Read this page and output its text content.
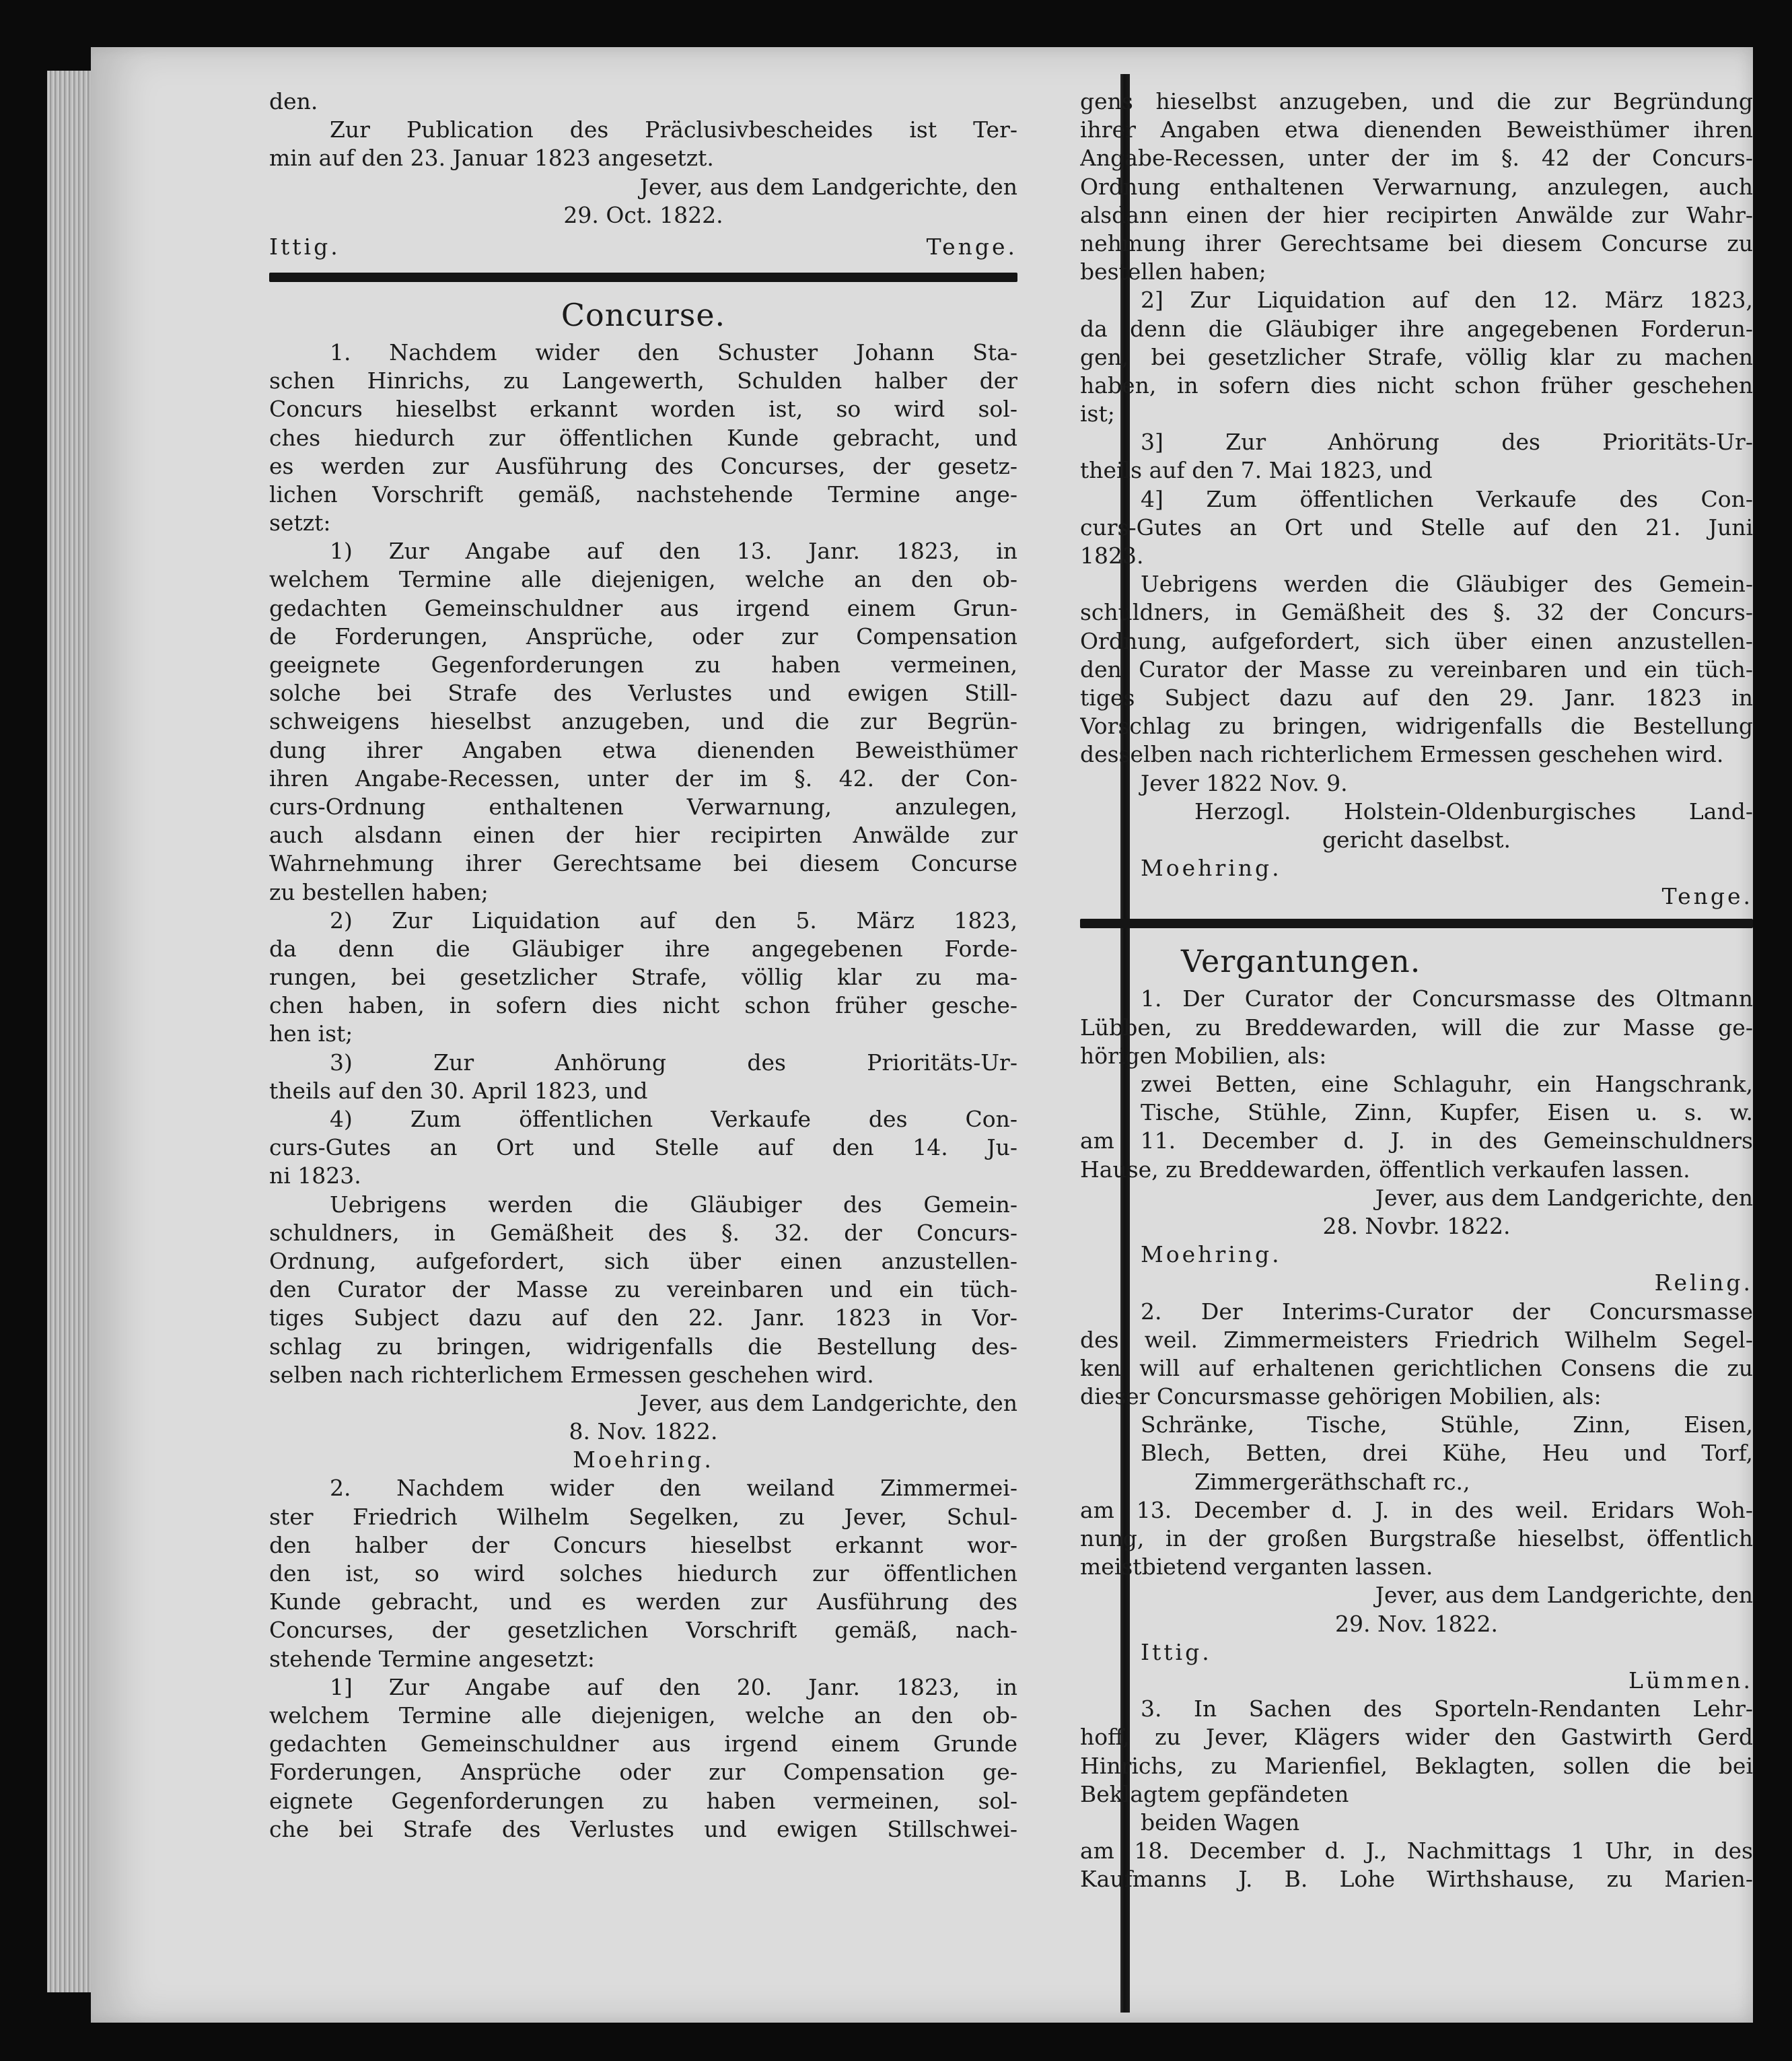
den.
Zur Publication des Präclusivbescheides ist Ter-
min auf den 23. Januar 1823 angesetzt.
Jever, aus dem Landgerichte, den
29. Oct. 1822.
Ittig. Tenge.
Concurse.
1. Nachdem wider den Schuster Johann Sta-
schen Hinrichs, zu Langewerth, Schulden halber der
Concurs hieselbst erkannt worden ist, so wird sol-
ches hiedurch zur öffentlichen Kunde gebracht, und
es werden zur Ausführung des Concurses, der gesetz-
lichen Vorschrift gemäß, nachstehende Termine ange-
setzt:
1) Zur Angabe auf den 13. Janr. 1823, in
welchem Termine alle diejenigen, welche an den ob-
gedachten Gemeinschuldner aus irgend einem Grun-
de Forderungen, Ansprüche, oder zur Compensation
geeignete Gegenforderungen zu haben vermeinen,
solche bei Strafe des Verlustes und ewigen Still-
schweigens hieselbst anzugeben, und die zur Begrün-
dung ihrer Angaben etwa dienenden Beweisthümer
ihren Angabe-Recessen, unter der im §. 42. der Con-
curs-Ordnung enthaltenen Verwarnung, anzulegen,
auch alsdann einen der hier recipirten Anwälde zur
Wahrnehmung ihrer Gerechtsame bei diesem Concurse
zu bestellen haben;
2) Zur Liquidation auf den 5. März 1823,
da denn die Gläubiger ihre angegebenen Forde-
rungen, bei gesetzlicher Strafe, völlig klar zu ma-
chen haben, in sofern dies nicht schon früher gesche-
hen ist;
3) Zur Anhörung des Prioritäts-Ur-
theils auf den 30. April 1823, und
4) Zum öffentlichen Verkaufe des Con-
curs-Gutes an Ort und Stelle auf den 14. Ju-
ni 1823.
Uebrigens werden die Gläubiger des Gemein-
schuldners, in Gemäßheit des §. 32. der Concurs-
Ordnung, aufgefordert, sich über einen anzustellen-
den Curator der Masse zu vereinbaren und ein tüch-
tiges Subject dazu auf den 22. Janr. 1823 in Vor-
schlag zu bringen, widrigenfalls die Bestellung des-
selben nach richterlichem Ermessen geschehen wird.
Jever, aus dem Landgerichte, den
8. Nov. 1822.
Moehring.
2. Nachdem wider den weiland Zimmermei-
ster Friedrich Wilhelm Segelken, zu Jever, Schul-
den halber der Concurs hieselbst erkannt wor-
den ist, so wird solches hiedurch zur öffentlichen
Kunde gebracht, und es werden zur Ausführung des
Concurses, der gesetzlichen Vorschrift gemäß, nach-
stehende Termine angesetzt:
1] Zur Angabe auf den 20. Janr. 1823, in
welchem Termine alle diejenigen, welche an den ob-
gedachten Gemeinschuldner aus irgend einem Grunde
Forderungen, Ansprüche oder zur Compensation ge-
eignete Gegenforderungen zu haben vermeinen, sol-
che bei Strafe des Verlustes und ewigen Stillschwei-
gens hieselbst anzugeben, und die zur Begründung
ihrer Angaben etwa dienenden Beweisthümer ihren
Angabe-Recessen, unter der im §. 42 der Concurs-
Ordnung enthaltenen Verwarnung, anzulegen, auch
alsdann einen der hier recipirten Anwälde zur Wahr-
nehmung ihrer Gerechtsame bei diesem Concurse zu
bestellen haben;
2] Zur Liquidation auf den 12. März 1823,
da denn die Gläubiger ihre angegebenen Forderun-
gen, bei gesetzlicher Strafe, völlig klar zu machen
haben, in sofern dies nicht schon früher geschehen
ist;
3] Zur Anhörung des Prioritäts-Ur-
theils auf den 7. Mai 1823, und
4] Zum öffentlichen Verkaufe des Con-
curs-Gutes an Ort und Stelle auf den 21. Juni
1823.
Uebrigens werden die Gläubiger des Gemein-
schuldners, in Gemäßheit des §. 32 der Concurs-
Ordnung, aufgefordert, sich über einen anzustellen-
den Curator der Masse zu vereinbaren und ein tüch-
tiges Subject dazu auf den 29. Janr. 1823 in
Vorschlag zu bringen, widrigenfalls die Bestellung
desselben nach richterlichem Ermessen geschehen wird.
Jever 1822 Nov. 9.
Herzogl. Holstein-Oldenburgisches Land-
gericht daselbst.
Moehring.
Tenge.
Vergantungen.
1. Der Curator der Concursmasse des Oltmann
Lübben, zu Breddewarden, will die zur Masse ge-
hörigen Mobilien, als:
zwei Betten, eine Schlaguhr, ein Hangschrank,
Tische, Stühle, Zinn, Kupfer, Eisen u. s. w.
am 11. December d. J. in des Gemeinschuldners
Hause, zu Breddewarden, öffentlich verkaufen lassen.
Jever, aus dem Landgerichte, den
28. Novbr. 1822.
Moehring.
Reling.
2. Der Interims-Curator der Concursmasse
des weil. Zimmermeisters Friedrich Wilhelm Segel-
ken will auf erhaltenen gerichtlichen Consens die zu
dieser Concursmasse gehörigen Mobilien, als:
Schränke, Tische, Stühle, Zinn, Eisen,
Blech, Betten, drei Kühe, Heu und Torf,
Zimmergeräthschaft rc.,
am 13. December d. J. in des weil. Eridars Woh-
nung, in der großen Burgstraße hieselbst, öffentlich
meistbietend verganten lassen.
Jever, aus dem Landgerichte, den
29. Nov. 1822.
Ittig.
Lümmen.
3. In Sachen des Sporteln-Rendanten Lehr-
hoff, zu Jever, Klägers wider den Gastwirth Gerd
Hinrichs, zu Marienfiel, Beklagten, sollen die bei
Beklagtem gepfändeten
beiden Wagen
am 18. December d. J., Nachmittags 1 Uhr, in des
Kaufmanns J. B. Lohe Wirthshause, zu Marien-
